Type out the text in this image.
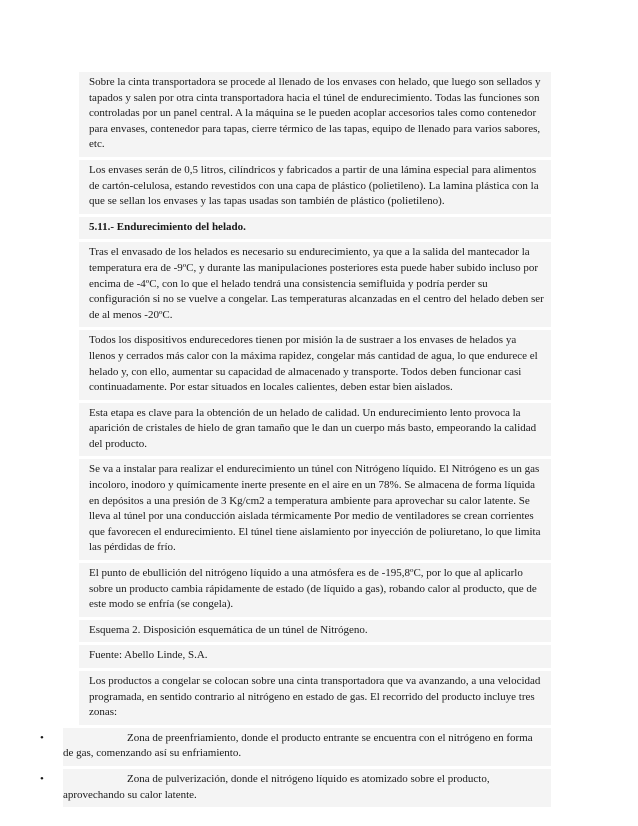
Sobre la cinta transportadora se procede al llenado de los envases con helado, que luego son sellados y tapados y salen por otra cinta transportadora hacia el túnel de endurecimiento. Todas las funciones son controladas por un panel central. A la máquina se le pueden acoplar accesorios tales como contenedor para envases, contenedor para tapas, cierre térmico de las tapas, equipo de llenado para varios sabores, etc.

Los envases serán de 0,5 litros, cilíndricos y fabricados a partir de una lámina especial para alimentos de cartón-celulosa, estando revestidos con una capa de plástico (polietileno). La lamina plástica con la que se sellan los envases y las tapas usadas son también de plástico (polietileno).

5.11.- Endurecimiento del helado.

Tras el envasado de los helados es necesario su endurecimiento, ya que a la salida del mantecador la temperatura era de -9ºC, y durante las manipulaciones posteriores esta puede haber subido incluso por encima de -4ºC, con lo que el helado tendrá una consistencia semifluida y podría perder su configuración si no se vuelve a congelar. Las temperaturas alcanzadas en el centro del helado deben ser de al menos -20ºC.

Todos los dispositivos endurecedores tienen por misión la de sustraer a los envases de helados ya llenos y cerrados más calor con la máxima rapidez, congelar más cantidad de agua, lo que endurece el helado y, con ello, aumentar su capacidad de almacenado y transporte. Todos deben funcionar casi continuadamente. Por estar situados en locales calientes, deben estar bien aislados.

Esta etapa es clave para la obtención de un helado de calidad. Un endurecimiento lento provoca la aparición de cristales de hielo de gran tamaño que le dan un cuerpo más basto, empeorando la calidad del producto.

Se va a instalar para realizar el endurecimiento un túnel con Nitrógeno líquido. El Nitrógeno es un gas incoloro, inodoro y químicamente inerte presente en el aire en un 78%. Se almacena de forma líquida en depósitos a una presión de 3 Kg/cm2 a temperatura ambiente para aprovechar su calor latente. Se lleva al túnel por una conducción aislada térmicamente Por medio de ventiladores se crean corrientes que favorecen el endurecimiento. El túnel tiene aislamiento por inyección de poliuretano, lo que limita las pérdidas de frío.

El punto de ebullición del nitrógeno líquido a una atmósfera es de -195,8ºC, por lo que al aplicarlo sobre un producto cambia rápidamente de estado (de líquido a gas), robando calor al producto, que de este modo se enfría (se congela).

Esquema 2. Disposición esquemática de un túnel de Nitrógeno.

Fuente: Abello Linde, S.A.

Los productos a congelar se colocan sobre una cinta transportadora que va avanzando, a una velocidad programada, en sentido contrario al nitrógeno en estado de gas. El recorrido del producto incluye tres zonas:

•	Zona de preenfriamiento, donde el producto entrante se encuentra con el nitrógeno en forma de gas, comenzando así su enfriamiento.
•	Zona de pulverización, donde el nitrógeno líquido es atomizado sobre el producto, aprovechando su calor latente.
